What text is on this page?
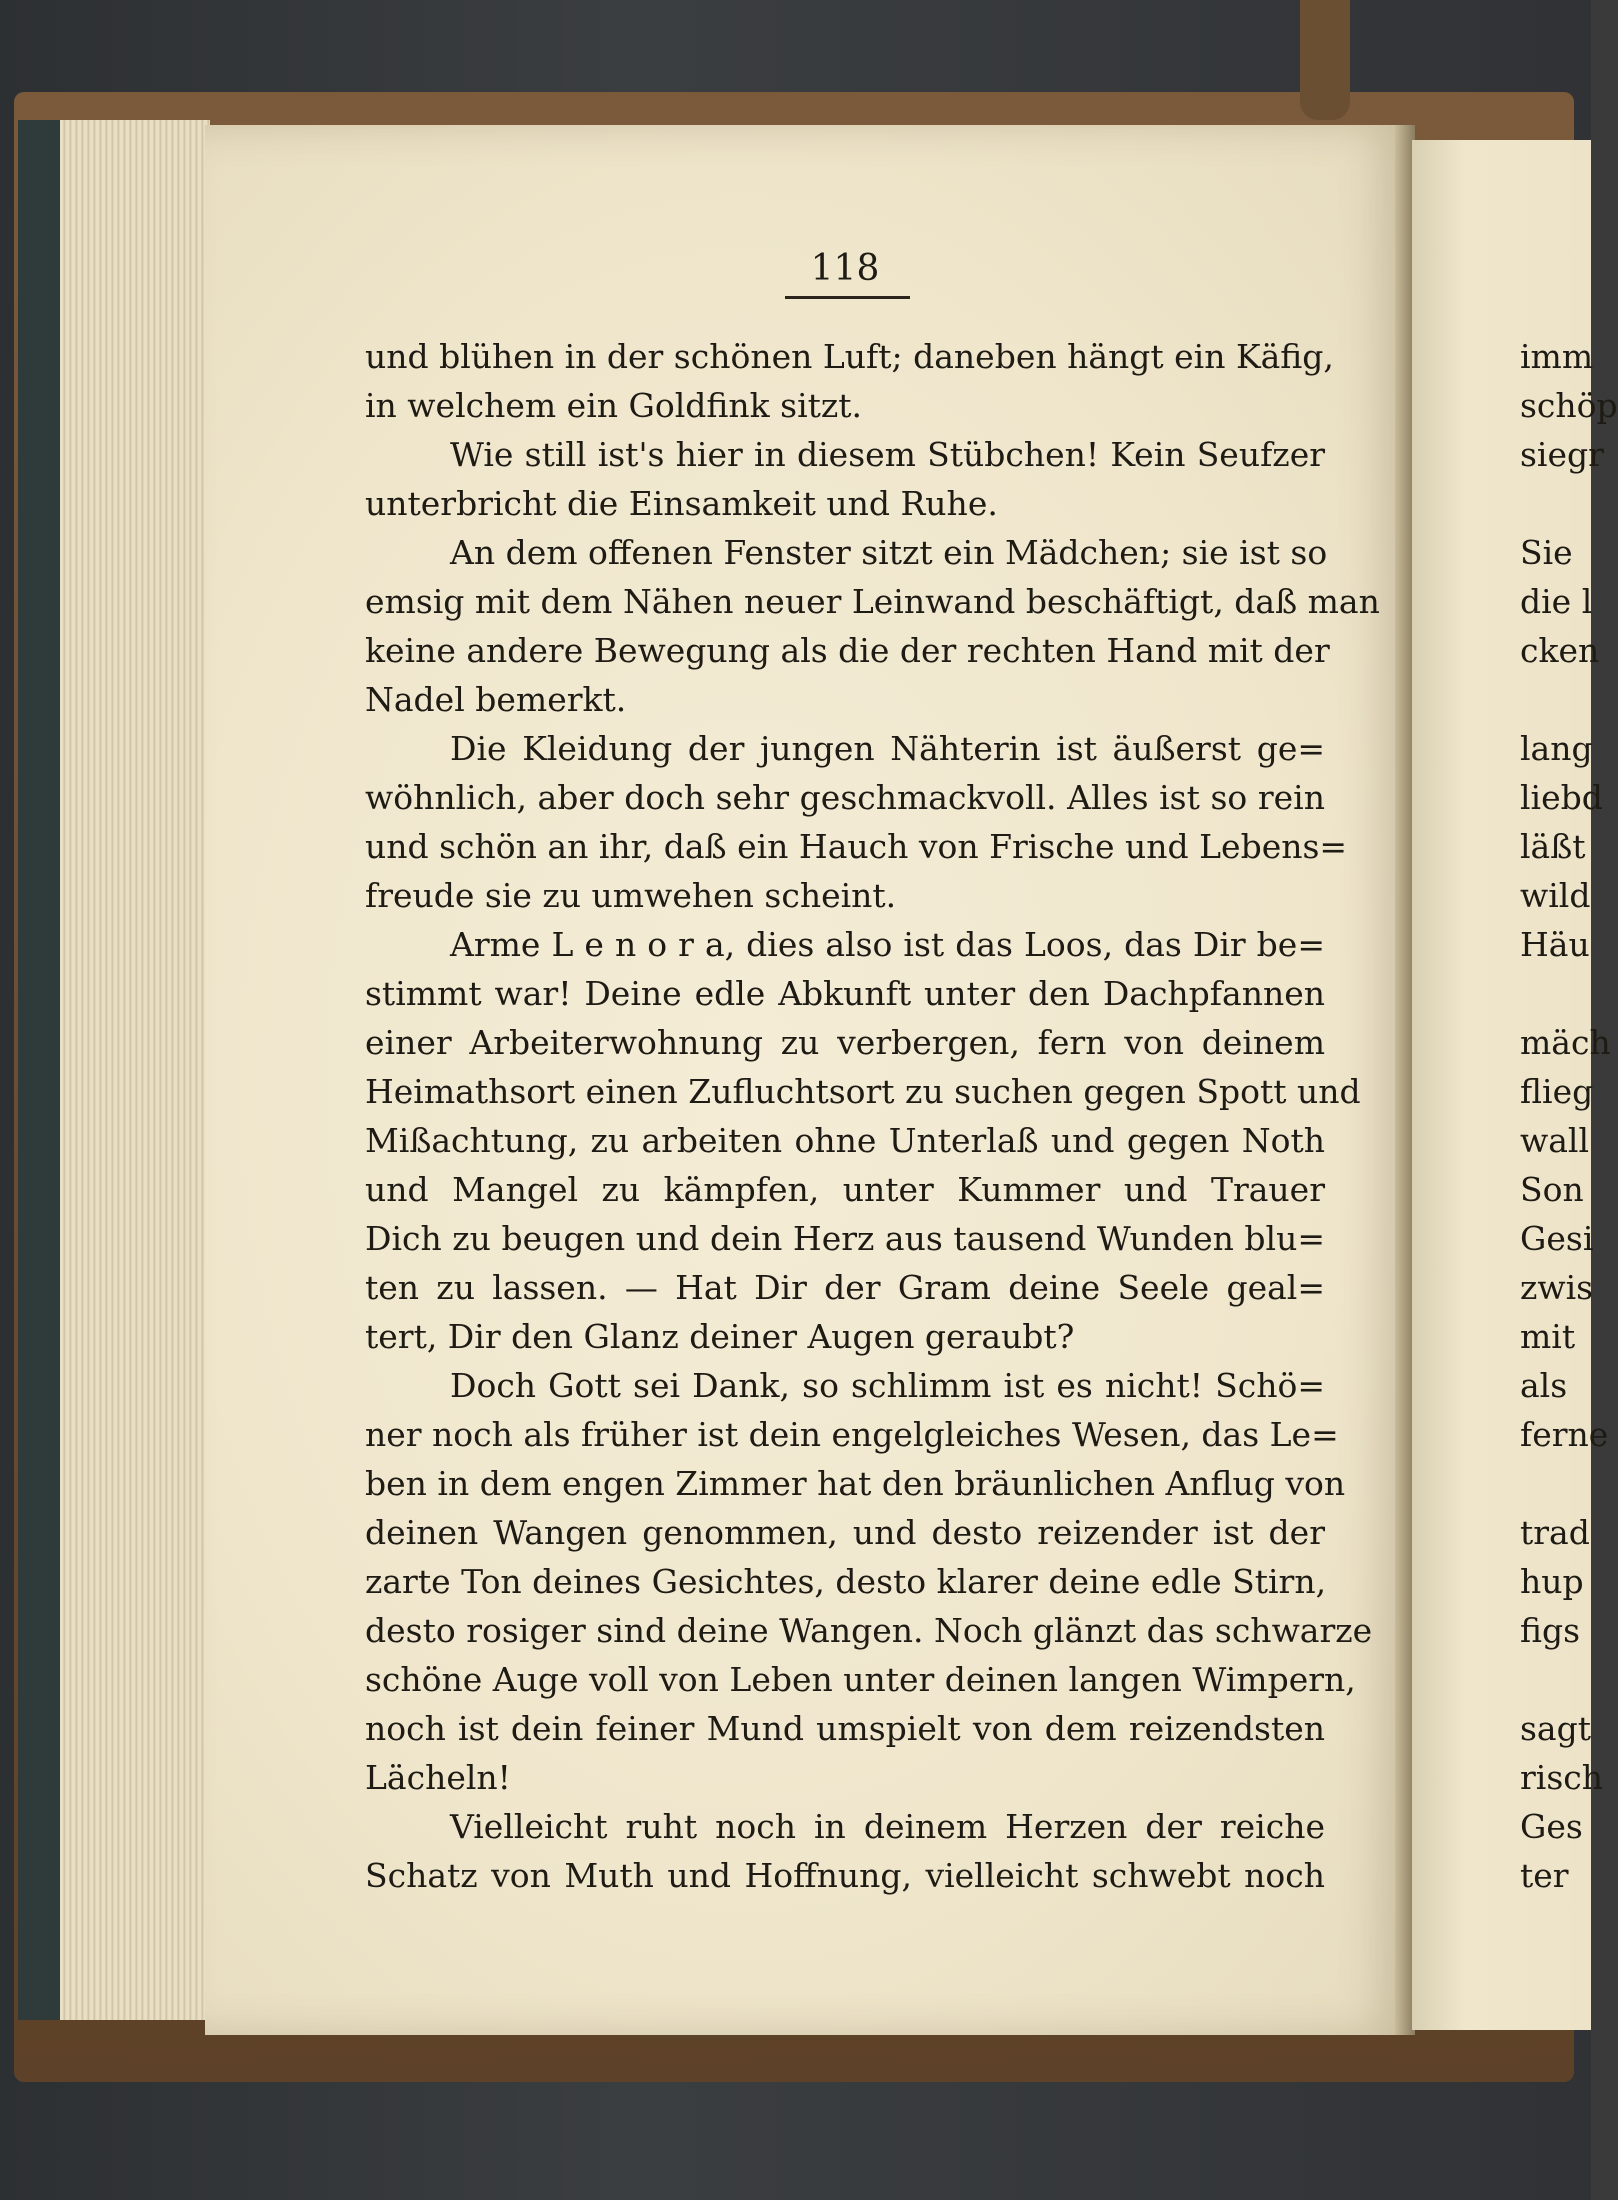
118
und blühen in der schönen Luft; daneben hängt ein Käfig,
in welchem ein Goldfink sitzt.
Wie still ist's hier in diesem Stübchen! Kein Seufzer
unterbricht die Einsamkeit und Ruhe.
An dem offenen Fenster sitzt ein Mädchen; sie ist so
emsig mit dem Nähen neuer Leinwand beschäftigt, daß man
keine andere Bewegung als die der rechten Hand mit der
Nadel bemerkt.
Die Kleidung der jungen Nähterin ist äußerst ge=
wöhnlich, aber doch sehr geschmackvoll. Alles ist so rein
und schön an ihr, daß ein Hauch von Frische und Lebens=
freude sie zu umwehen scheint.
Arme L e n o r a, dies also ist das Loos, das Dir be=
stimmt war! Deine edle Abkunft unter den Dachpfannen
einer Arbeiterwohnung zu verbergen, fern von deinem
Heimathsort einen Zufluchtsort zu suchen gegen Spott und
Mißachtung, zu arbeiten ohne Unterlaß und gegen Noth
und Mangel zu kämpfen, unter Kummer und Trauer
Dich zu beugen und dein Herz aus tausend Wunden blu=
ten zu lassen. — Hat Dir der Gram deine Seele geal=
tert, Dir den Glanz deiner Augen geraubt?
Doch Gott sei Dank, so schlimm ist es nicht! Schö=
ner noch als früher ist dein engelgleiches Wesen, das Le=
ben in dem engen Zimmer hat den bräunlichen Anflug von
deinen Wangen genommen, und desto reizender ist der
zarte Ton deines Gesichtes, desto klarer deine edle Stirn,
desto rosiger sind deine Wangen. Noch glänzt das schwarze
schöne Auge voll von Leben unter deinen langen Wimpern,
noch ist dein feiner Mund umspielt von dem reizendsten
Lächeln!
Vielleicht ruht noch in deinem Herzen der reiche
Schatz von Muth und Hoffnung, vielleicht schwebt noch
imm
schöp
siegr
Sie
die l
cken
lang
liebd
läßt
wild
Häu
mäch
flieg
wall
Son
Gesi
zwis
mit
als
ferne
trad
hup
figs
sagt
risch
Ges
ter
